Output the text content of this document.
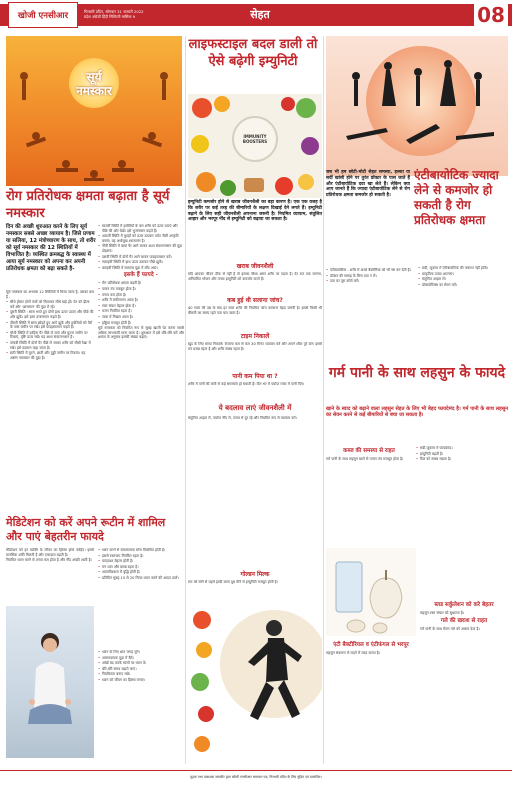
खोजी एनसीआर	गिरधारी प्रदिन, सोमवार 31 जनवरी 2022
प्रदेश अंग्रेजी हिंदी मिलिटरी मासिक 9	सेहत	08
सूर्य
नमस्कार
रोग प्रतिरोधक क्षमता बढ़ाता है सूर्य नमस्कार
दिन की अच्छी शुरुआत करने के लिए सूर्य नमस्कार सबसे अच्छा व्यायाम है। जिसे प्रणाम या सलिया, 12 मंत्रोच्चारण के साथ, तो शरीर को सूर्य नमस्कार की 12 स्थितियों में विभाजित है। व्यस्थित क्रमबद्ध के स्वास्थ्य में आया सूर्य नमस्कार को अपना कर अपनी प्रतिरोधक क्षमता को बढ़ा सकते है-

सूर्य नमस्कार का अभ्यास 12 स्थितियों में किया जाता है, उसका क्रम है -

• सीधे होकर दोनों पंजों को मिलाकर सीधे खड़े हों। पेट को ढीला करें और 'आसमान' की मुद्रा में रहें।
• दूसरी स्थिति : सांस भरते हुए दोनों हाथ ऊपर उठाएं और पीछे की ओर झुकें। इसे हस्त उत्तानासन कहते हैं।
• तीसरी स्थिति में सांस छोड़ते हुए आगे झुकें और हथेलियों को पैरों के पास जमीन पर रखें। इसे पादहस्तासन कहते हैं।
• चौथी स्थिति में दाहिना पैर पीछे ले जाएं और घुटना जमीन पर टिकाएं, दृष्टि ऊपर रखें। यह अश्व संचालनासन है।
• पांचवीं स्थिति में दोनों पैर पीछे ले जाकर शरीर को सीधी रेखा में रखें। इसे दंडासन कहा जाता है।
• छठी स्थिति में घुटने, छाती और ठुड्डी जमीन पर टिकाएं। यह अष्टांग नमस्कार की मुद्रा है।
• सातवीं स्थिति में हथेलियों के बल शरीर को ऊपर उठाएं और पीछे की ओर देखें। इसे भुजंगासन कहते हैं।
• आठवीं स्थिति में कूल्हों को ऊपर उठाकर पर्वत जैसी आकृति बनाएं। यह अधोमुख श्वानासन है।
• नौवीं स्थिति में बायां पैर आगे लाकर अश्व संचालनासन की मुद्रा दोहराएं।
• दसवीं स्थिति में दोनों पैर आगे लाकर पादहस्तासन करें।
• ग्यारहवीं स्थिति में हाथ ऊपर उठाकर पीछे झुकें।
• बारहवीं स्थिति में सामान्य मुद्रा में लौट आएं।
इसके हैं फायदे -
• रोग प्रतिरोधक क्षमता बढ़ती है।
• पाचन तंत्र मजबूत होता है।
• तनाव कम होता है।
• शरीर में लचीलापन आता है।
• रक्त संचार बेहतर होता है।
• वजन नियंत्रित रहता है।
• त्वचा में निखार आता है।
• हड्डियां मजबूत होती हैं।

सूर्य नमस्कार को नियमित रूप से सुबह खाली पेट करना सबसे अधिक लाभकारी माना जाता है। शुरुआत में इसे धीरे-धीरे करें और क्षमता के अनुसार इसकी संख्या बढ़ाएं।

मेडिटेशन को करें अपने रूटीन में शामिल और पाएं बेहतरीन फायदे

मेडिटेशन को हर व्यक्ति के जीवन का हिस्सा होना चाहिए। इससे मानसिक शांति मिलती है और एकाग्रता बढ़ती है।

नियमित ध्यान करने से तनाव कम होता है और नींद अच्छी आती है।

• ध्यान करने से सकारात्मक सोच विकसित होती है।
• इससे रक्तचाप नियंत्रित रहता है।
• याददाश्त बेहतर होती है।
• मन शांत और प्रसन्न रहता है।
• आत्मविश्वास में वृद्धि होती है।
• प्रतिदिन सुबह 15 से 20 मिनट ध्यान करने की आदत डालें।
• ध्यान के लिए शांत जगह चुनें।
• आरामदायक मुद्रा में बैठें।
• आंखें बंद करके सांसों पर ध्यान दें।
• धीरे-धीरे समय बढ़ाते जाएं।
• नियमितता बनाए रखें।
• ध्यान को जीवन का हिस्सा बनाएं।
लाइफस्टाइल बदल डाली तो ऐसे बढ़ेगी इम्युनिटी
IMMUNITY BOOSTERS
इम्युनिटी कमजोर होने से खराब जीवनशैली का बड़ा कारण है। एक एक वजह है कि शरीर पर कई तरह की बीमारियों के लक्षण दिखाई देने लगते हैं। इम्युनिटी बढ़ाने के लिए सही जीवनशैली अपनाना जरूरी है। नियमित व्यायाम, संतुलित आहार और भरपूर नींद से इम्युनिटी को बढ़ाया जा सकता है।
खराब जीवनशैली

यदि आपका जीवन ठीक से नहीं है तो इसका सीधा असर शरीर पर पड़ता है। देर रात तक जागना, अनियमित भोजन और तनाव इम्युनिटी को कमजोर करते हैं।

कब हुई थी सलाना जांच?

40 साल की उम्र के बाद हर साल शरीर की नियमित जांच करवाना बेहद जरूरी है। इससे किसी भी बीमारी का समय रहते पता चल जाता है।

टाइम निकालें

खुद के लिए समय निकालें। रोजाना कम से कम 30 मिनट व्यायाम करें और अपने शौक पूरे करें। इससे मन प्रसन्न रहता है और शरीर स्वस्थ रहता है।

पानी कम पिया था ?

शरीर में पानी की कमी से कई समस्याएं हो सकती हैं। दिन भर में पर्याप्त मात्रा में पानी पिएं।

ये बदलाव लाएं जीवनशैली में

संतुलित आहार लें, पर्याप्त नींद लें, तनाव से दूर रहें और नियमित रूप से व्यायाम करें।

गोल्डन मिल्क

रात को सोने से पहले हल्दी वाला दूध पीने से इम्युनिटी मजबूत होती है।

जब भी हम छोटी-मोटी सेहत समस्या, हल्का या सर्दी खांसी होने पर तुरंत डॉक्टर के पास जाते हैं और एंटीबायोटिक दवा खा लेते हैं। लेकिन क्या आप जानते हैं कि ज्यादा एंटीबायोटिक लेने से रोग प्रतिरोधक क्षमता कमजोर हो सकती है।
एंटीबायोटिक ज्यादा लेने से कमजोर हो सकती है रोग प्रतिरोधक क्षमता
• एंटीबायोटिक - शरीर में अच्छे बैक्टीरिया को भी नष्ट कर देती हैं।
• डॉक्टर की सलाह के बिना दवा न लें।
• दवा का पूरा कोर्स करें।
• सर्दी, जुकाम में एंटीबायोटिक की जरूरत नहीं होती।
• प्राकृतिक उपाय अपनाएं।
• संतुलित आहार लें।
• प्रोबायोटिक्स का सेवन करें।
गर्म पानी के साथ लहसुन के फायदे
खाने के स्वाद को बढ़ाने वाला लहसुन सेहत के लिए भी बेहद फायदेमंद है। गर्म पानी के साथ लहसुन का सेवन करने से कई बीमारियों से बचा जा सकता है।
कब्ज की समस्या से राहत

गर्म पानी के साथ लहसुन खाने से पाचन तंत्र मजबूत होता है।

• सर्दी-जुकाम में फायदेमंद।
• इम्युनिटी बढ़ती है।
• दिल को स्वस्थ रखता है।
ब्लड सर्कुलेशन को करे बेहतर

लहसुन रक्त संचार को सुधारता है।

गले की खराश से राहत

गर्म पानी के साथ सेवन गले को आराम देता है।

एंटी बैक्टीरियल व एंटीफंगल से भरपूर

लहसुन संक्रमण से लड़ने में मदद करता है।

मुद्रक तथा प्रकाशक सत्यवीर द्वारा खोजी एनसीआर समाचार पत्र, गिरधारी प्रदिन के लिए मुद्रित एवं प्रकाशित।
